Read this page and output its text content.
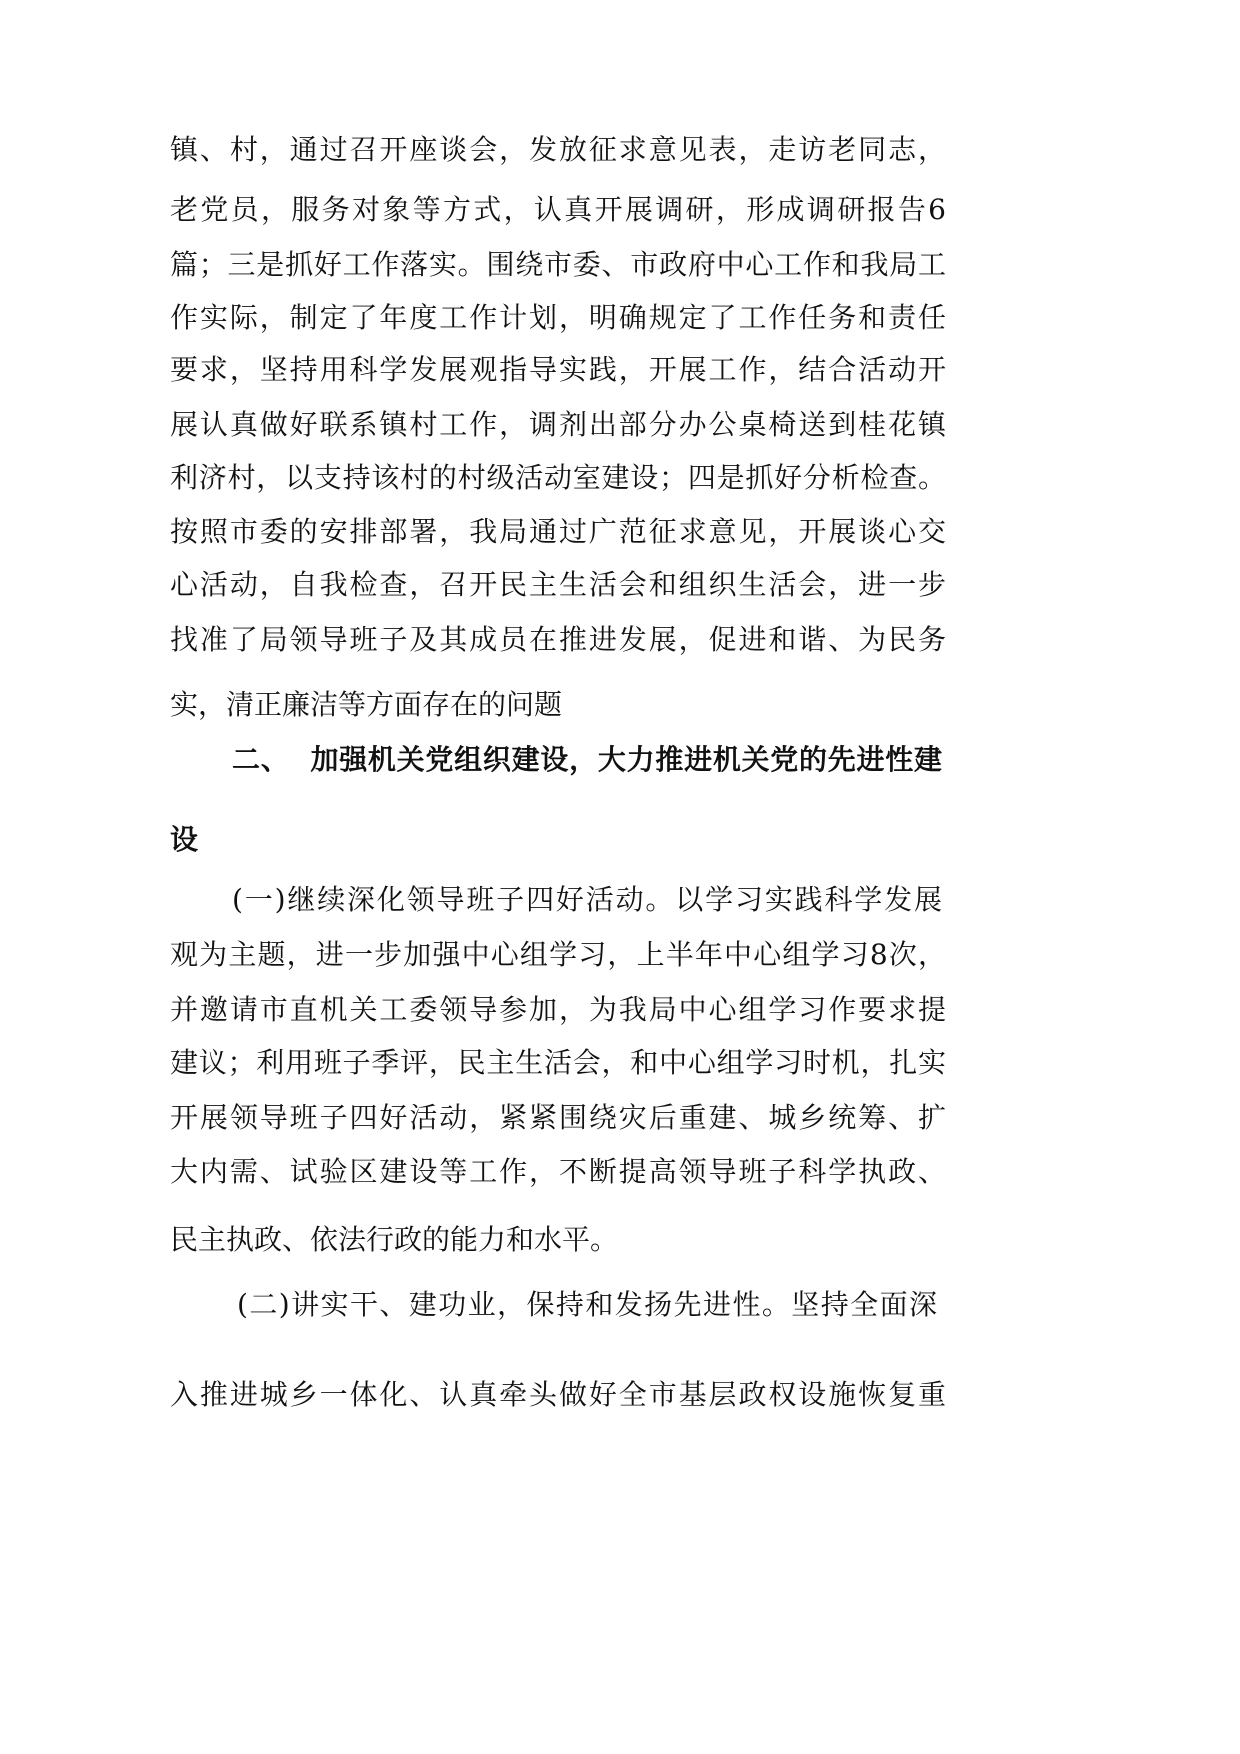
镇、村，通过召开座谈会，发放征求意见表，走访老同志，
老党员，服务对象等方式，认真开展调研，形成调研报告6
篇；三是抓好工作落实。围绕市委、市政府中心工作和我局工
作实际，制定了年度工作计划，明确规定了工作任务和责任
要求，坚持用科学发展观指导实践，开展工作，结合活动开
展认真做好联系镇村工作，调剂出部分办公桌椅送到桂花镇
利济村，以支持该村的村级活动室建设；四是抓好分析检查。
按照市委的安排部署，我局通过广范征求意见，开展谈心交
心活动，自我检查，召开民主生活会和组织生活会，进一步
找准了局领导班子及其成员在推进发展，促进和谐、为民务
实，清正廉洁等方面存在的问题
二、  加强机关党组织建设，大力推进机关党的先进性建
设
(一)继续深化领导班子四好活动。以学习实践科学发展
观为主题，进一步加强中心组学习，上半年中心组学习8次，
并邀请市直机关工委领导参加，为我局中心组学习作要求提
建议；利用班子季评，民主生活会，和中心组学习时机，扎实
开展领导班子四好活动，紧紧围绕灾后重建、城乡统筹、扩
大内需、试验区建设等工作，不断提高领导班子科学执政、
民主执政、依法行政的能力和水平。
(二)讲实干、建功业，保持和发扬先进性。坚持全面深
入推进城乡一体化、认真牵头做好全市基层政权设施恢复重
